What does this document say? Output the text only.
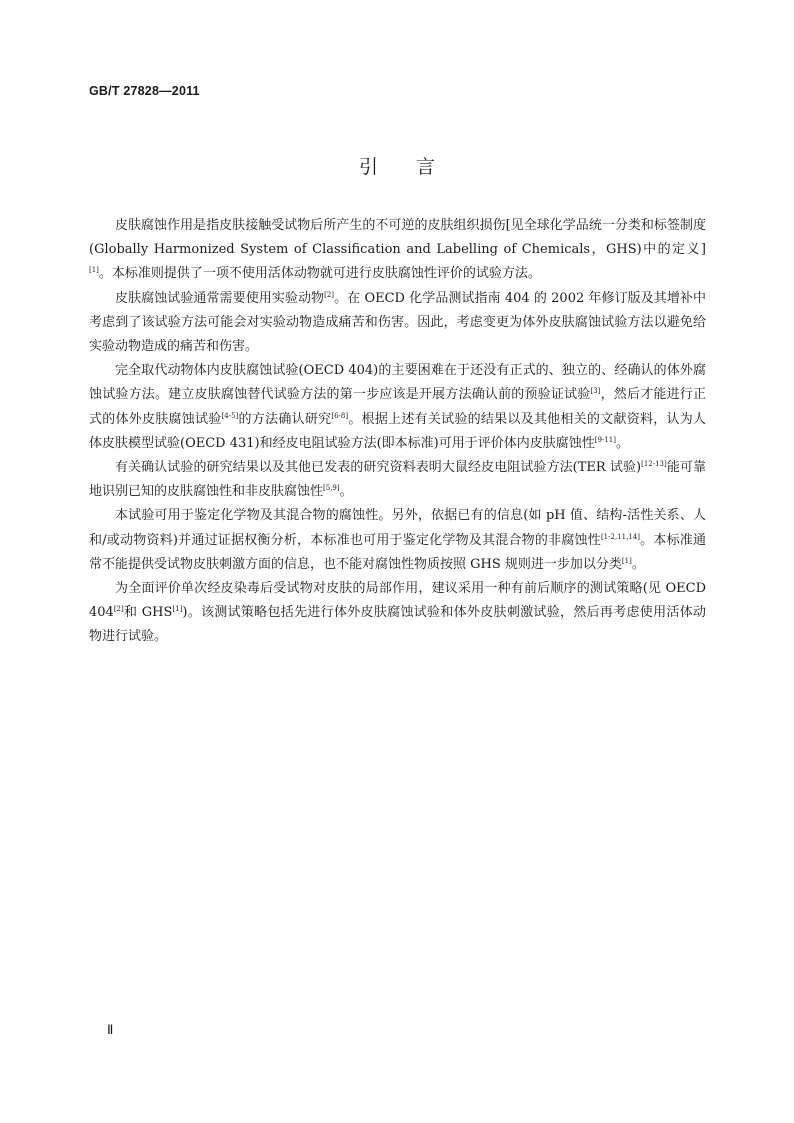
GB/T 27828—2011
引言

皮肤腐蚀作用是指皮肤接触受试物后所产生的不可逆的皮肤组织损伤[见全球化学品统一分类和标签制度(Globally Harmonized System of Classification and Labelling of Chemicals，GHS)中的定义][1]。本标准则提供了一项不使用活体动物就可进行皮肤腐蚀性评价的试验方法。

皮肤腐蚀试验通常需要使用实验动物[2]。在 OECD 化学品测试指南 404 的 2002 年修订版及其增补中考虑到了该试验方法可能会对实验动物造成痛苦和伤害。因此，考虑变更为体外皮肤腐蚀试验方法以避免给实验动物造成的痛苦和伤害。

完全取代动物体内皮肤腐蚀试验(OECD 404)的主要困难在于还没有正式的、独立的、经确认的体外腐蚀试验方法。建立皮肤腐蚀替代试验方法的第一步应该是开展方法确认前的预验证试验[3]，然后才能进行正式的体外皮肤腐蚀试验[4-5]的方法确认研究[6-8]。根据上述有关试验的结果以及其他相关的文献资料，认为人体皮肤模型试验(OECD 431)和经皮电阻试验方法(即本标准)可用于评价体内皮肤腐蚀性[9-11]。

有关确认试验的研究结果以及其他已发表的研究资料表明大鼠经皮电阻试验方法(TER 试验)[12-13]能可靠地识别已知的皮肤腐蚀性和非皮肤腐蚀性[5,9]。

本试验可用于鉴定化学物及其混合物的腐蚀性。另外，依据已有的信息(如 pH 值、结构-活性关系、人和/或动物资料)并通过证据权衡分析，本标准也可用于鉴定化学物及其混合物的非腐蚀性[1-2,11,14]。本标准通常不能提供受试物皮肤刺激方面的信息，也不能对腐蚀性物质按照 GHS 规则进一步加以分类[1]。

为全面评价单次经皮染毒后受试物对皮肤的局部作用，建议采用一种有前后顺序的测试策略(见 OECD 404[2]和 GHS[1])。该测试策略包括先进行体外皮肤腐蚀试验和体外皮肤刺激试验，然后再考虑使用活体动物进行试验。

Ⅱ
